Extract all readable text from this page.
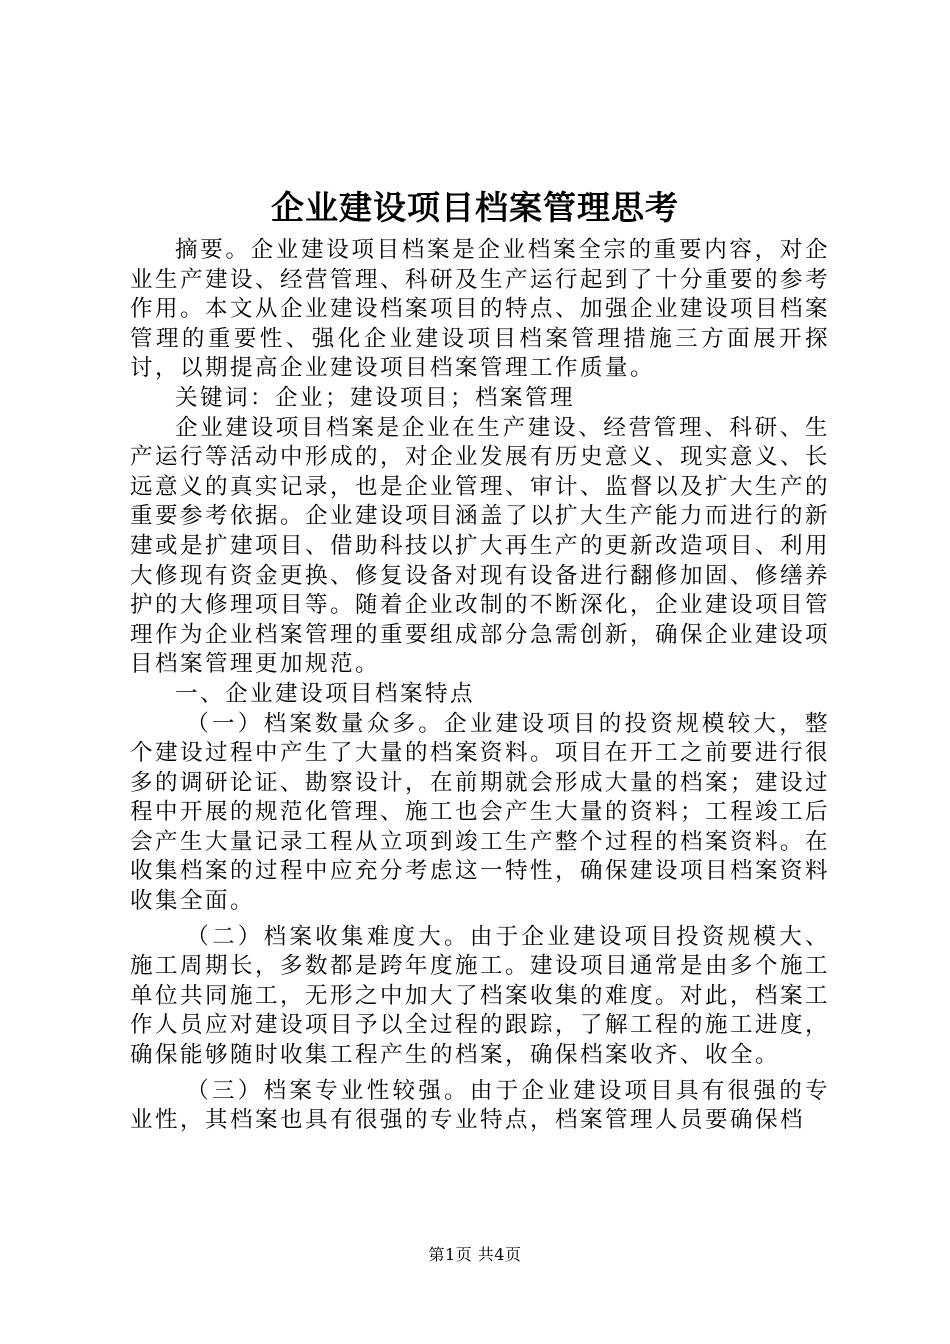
企业建设项目档案管理思考

摘要。企业建设项目档案是企业档案全宗的重要内容，对企业生产建设、经营管理、科研及生产运行起到了十分重要的参考作用。本文从企业建设档案项目的特点、加强企业建设项目档案管理的重要性、强化企业建设项目档案管理措施三方面展开探讨，以期提高企业建设项目档案管理工作质量。

关键词：企业；建设项目；档案管理

企业建设项目档案是企业在生产建设、经营管理、科研、生产运行等活动中形成的，对企业发展有历史意义、现实意义、长远意义的真实记录，也是企业管理、审计、监督以及扩大生产的重要参考依据。企业建设项目涵盖了以扩大生产能力而进行的新建或是扩建项目、借助科技以扩大再生产的更新改造项目、利用大修现有资金更换、修复设备对现有设备进行翻修加固、修缮养护的大修理项目等。随着企业改制的不断深化，企业建设项目管理作为企业档案管理的重要组成部分急需创新，确保企业建设项目档案管理更加规范。

一、企业建设项目档案特点

（一）档案数量众多。企业建设项目的投资规模较大，整个建设过程中产生了大量的档案资料。项目在开工之前要进行很多的调研论证、勘察设计，在前期就会形成大量的档案；建设过程中开展的规范化管理、施工也会产生大量的资料；工程竣工后会产生大量记录工程从立项到竣工生产整个过程的档案资料。在收集档案的过程中应充分考虑这一特性，确保建设项目档案资料收集全面。

（二）档案收集难度大。由于企业建设项目投资规模大、施工周期长，多数都是跨年度施工。建设项目通常是由多个施工单位共同施工，无形之中加大了档案收集的难度。对此，档案工作人员应对建设项目予以全过程的跟踪，了解工程的施工进度，确保能够随时收集工程产生的档案，确保档案收齐、收全。

（三）档案专业性较强。由于企业建设项目具有很强的专业性，其档案也具有很强的专业特点，档案管理人员要确保档

第1页 共4页
